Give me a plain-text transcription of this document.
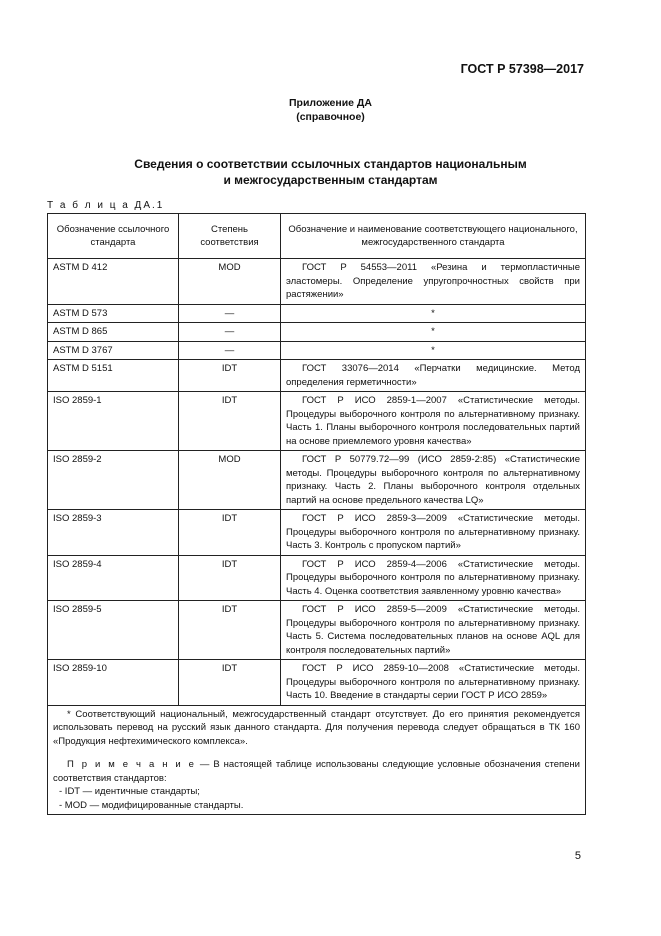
ГОСТ Р 57398—2017
Приложение ДА
(справочное)
Сведения о соответствии ссылочных стандартов национальным
и межгосударственным стандартам
Т а б л и ц а ДА.1
Обозначение ссылочного стандарта	Степень соответствия	Обозначение и наименование соответствующего национального, межгосударственного стандарта
ASTM D 412	MOD	ГОСТ Р 54553—2011 «Резина и термопластичные эластомеры. Определение упругопрочностных свойств при растяжении»
ASTM D 573	—	*
ASTM D 865	—	*
ASTM D 3767	—	*
ASTM D 5151	IDT	ГОСТ 33076—2014 «Перчатки медицинские. Метод определения герметичности»
ISO 2859-1	IDT	ГОСТ Р ИСО 2859-1—2007 «Статистические методы. Процедуры выборочного контроля по альтернативному признаку. Часть 1. Планы выборочного контроля последовательных партий на основе приемлемого уровня качества»
ISO 2859-2	MOD	ГОСТ Р 50779.72—99 (ИСО 2859-2:85) «Статистические методы. Процедуры выборочного контроля по альтернативному признаку. Часть 2. Планы выборочного контроля отдельных партий на основе предельного качества LQ»
ISO 2859-3	IDT	ГОСТ Р ИСО 2859-3—2009 «Статистические методы. Процедуры выборочного контроля по альтернативному признаку. Часть 3. Контроль с пропуском партий»
ISO 2859-4	IDT	ГОСТ Р ИСО 2859-4—2006 «Статистические методы. Процедуры выборочного контроля по альтернативному признаку. Часть 4. Оценка соответствия заявленному уровню качества»
ISO 2859-5	IDT	ГОСТ Р ИСО 2859-5—2009 «Статистические методы. Процедуры выборочного контроля по альтернативному признаку. Часть 5. Система последовательных планов на основе AQL для контроля последовательных партий»
ISO 2859-10	IDT	ГОСТ Р ИСО 2859-10—2008 «Статистические методы. Процедуры выборочного контроля по альтернативному признаку. Часть 10. Введение в стандарты серии ГОСТ Р ИСО 2859»

* Соответствующий национальный, межгосударственный стандарт отсутствует. До его принятия рекомендуется использовать перевод на русский язык данного стандарта. Для получения перевода следует обращаться в ТК 160 «Продукция нефтехимического комплекса».

П р и м е ч а н и е — В настоящей таблице использованы следующие условные обозначения степени соответствия стандартов:

- IDT — идентичные стандарты;

- MOD — модифицированные стандарты.		

5
